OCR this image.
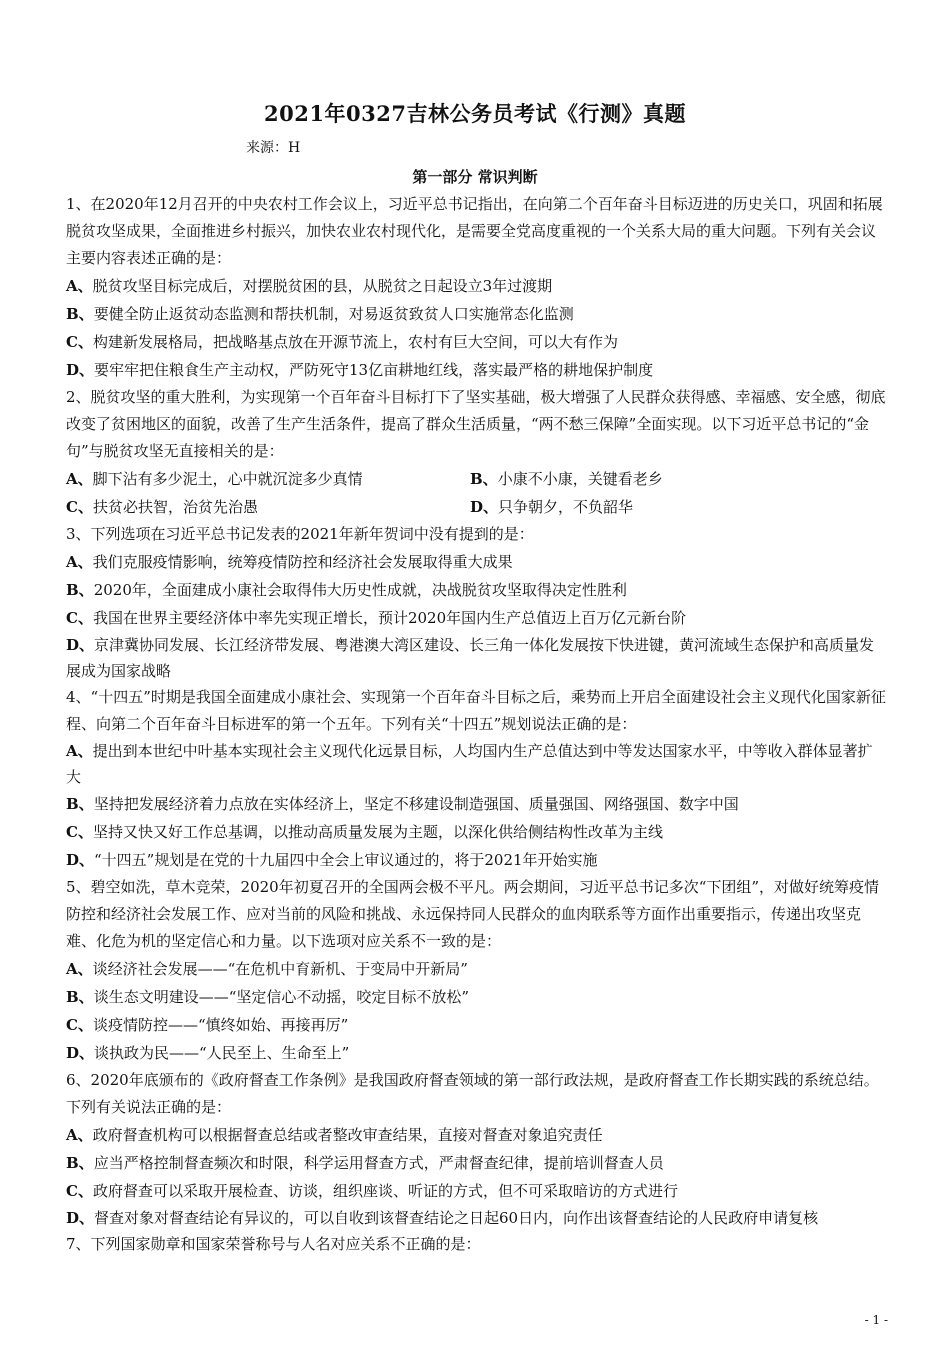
2021年0327吉林公务员考试《行测》真题
来源：H
第一部分 常识判断
1、在2020年12月召开的中央农村工作会议上，习近平总书记指出，在向第二个百年奋斗目标迈进的历史关口，巩固和拓展脱贫攻坚成果，全面推进乡村振兴，加快农业农村现代化，是需要全党高度重视的一个关系大局的重大问题。下列有关会议主要内容表述正确的是：
A、脱贫攻坚目标完成后，对摆脱贫困的县，从脱贫之日起设立3年过渡期
B、要健全防止返贫动态监测和帮扶机制，对易返贫致贫人口实施常态化监测
C、构建新发展格局，把战略基点放在开源节流上，农村有巨大空间，可以大有作为
D、要牢牢把住粮食生产主动权，严防死守13亿亩耕地红线，落实最严格的耕地保护制度
2、脱贫攻坚的重大胜利，为实现第一个百年奋斗目标打下了坚实基础，极大增强了人民群众获得感、幸福感、安全感，彻底改变了贫困地区的面貌，改善了生产生活条件，提高了群众生活质量，“两不愁三保障”全面实现。以下习近平总书记的“金句”与脱贫攻坚无直接相关的是：
A、脚下沾有多少泥土，心中就沉淀多少真情	B、小康不小康，关键看老乡
C、扶贫必扶智，治贫先治愚	D、只争朝夕，不负韶华
3、下列选项在习近平总书记发表的2021年新年贺词中没有提到的是：
A、我们克服疫情影响，统筹疫情防控和经济社会发展取得重大成果
B、2020年，全面建成小康社会取得伟大历史性成就，决战脱贫攻坚取得决定性胜利
C、我国在世界主要经济体中率先实现正增长，预计2020年国内生产总值迈上百万亿元新台阶
D、京津冀协同发展、长江经济带发展、粤港澳大湾区建设、长三角一体化发展按下快进键，黄河流域生态保护和高质量发展成为国家战略
4、“十四五”时期是我国全面建成小康社会、实现第一个百年奋斗目标之后，乘势而上开启全面建设社会主义现代化国家新征程、向第二个百年奋斗目标进军的第一个五年。下列有关“十四五”规划说法正确的是：
A、提出到本世纪中叶基本实现社会主义现代化远景目标，人均国内生产总值达到中等发达国家水平，中等收入群体显著扩大
B、坚持把发展经济着力点放在实体经济上，坚定不移建设制造强国、质量强国、网络强国、数字中国
C、坚持又快又好工作总基调，以推动高质量发展为主题，以深化供给侧结构性改革为主线
D、“十四五”规划是在党的十九届四中全会上审议通过的，将于2021年开始实施
5、碧空如洗，草木竞荣，2020年初夏召开的全国两会极不平凡。两会期间，习近平总书记多次“下团组”，对做好统筹疫情防控和经济社会发展工作、应对当前的风险和挑战、永远保持同人民群众的血肉联系等方面作出重要指示，传递出攻坚克难、化危为机的坚定信心和力量。以下选项对应关系不一致的是：
A、谈经济社会发展——“在危机中育新机、于变局中开新局”
B、谈生态文明建设——“坚定信心不动摇，咬定目标不放松”
C、谈疫情防控——“慎终如始、再接再厉”
D、谈执政为民——“人民至上、生命至上”
6、2020年底颁布的《政府督查工作条例》是我国政府督查领域的第一部行政法规，是政府督查工作长期实践的系统总结。下列有关说法正确的是：
A、政府督查机构可以根据督查总结或者整改审查结果，直接对督查对象追究责任
B、应当严格控制督查频次和时限，科学运用督查方式，严肃督查纪律，提前培训督查人员
C、政府督查可以采取开展检查、访谈，组织座谈、听证的方式，但不可采取暗访的方式进行
D、督查对象对督查结论有异议的，可以自收到该督查结论之日起60日内，向作出该督查结论的人民政府申请复核
7、下列国家勋章和国家荣誉称号与人名对应关系不正确的是：
- 1 -
